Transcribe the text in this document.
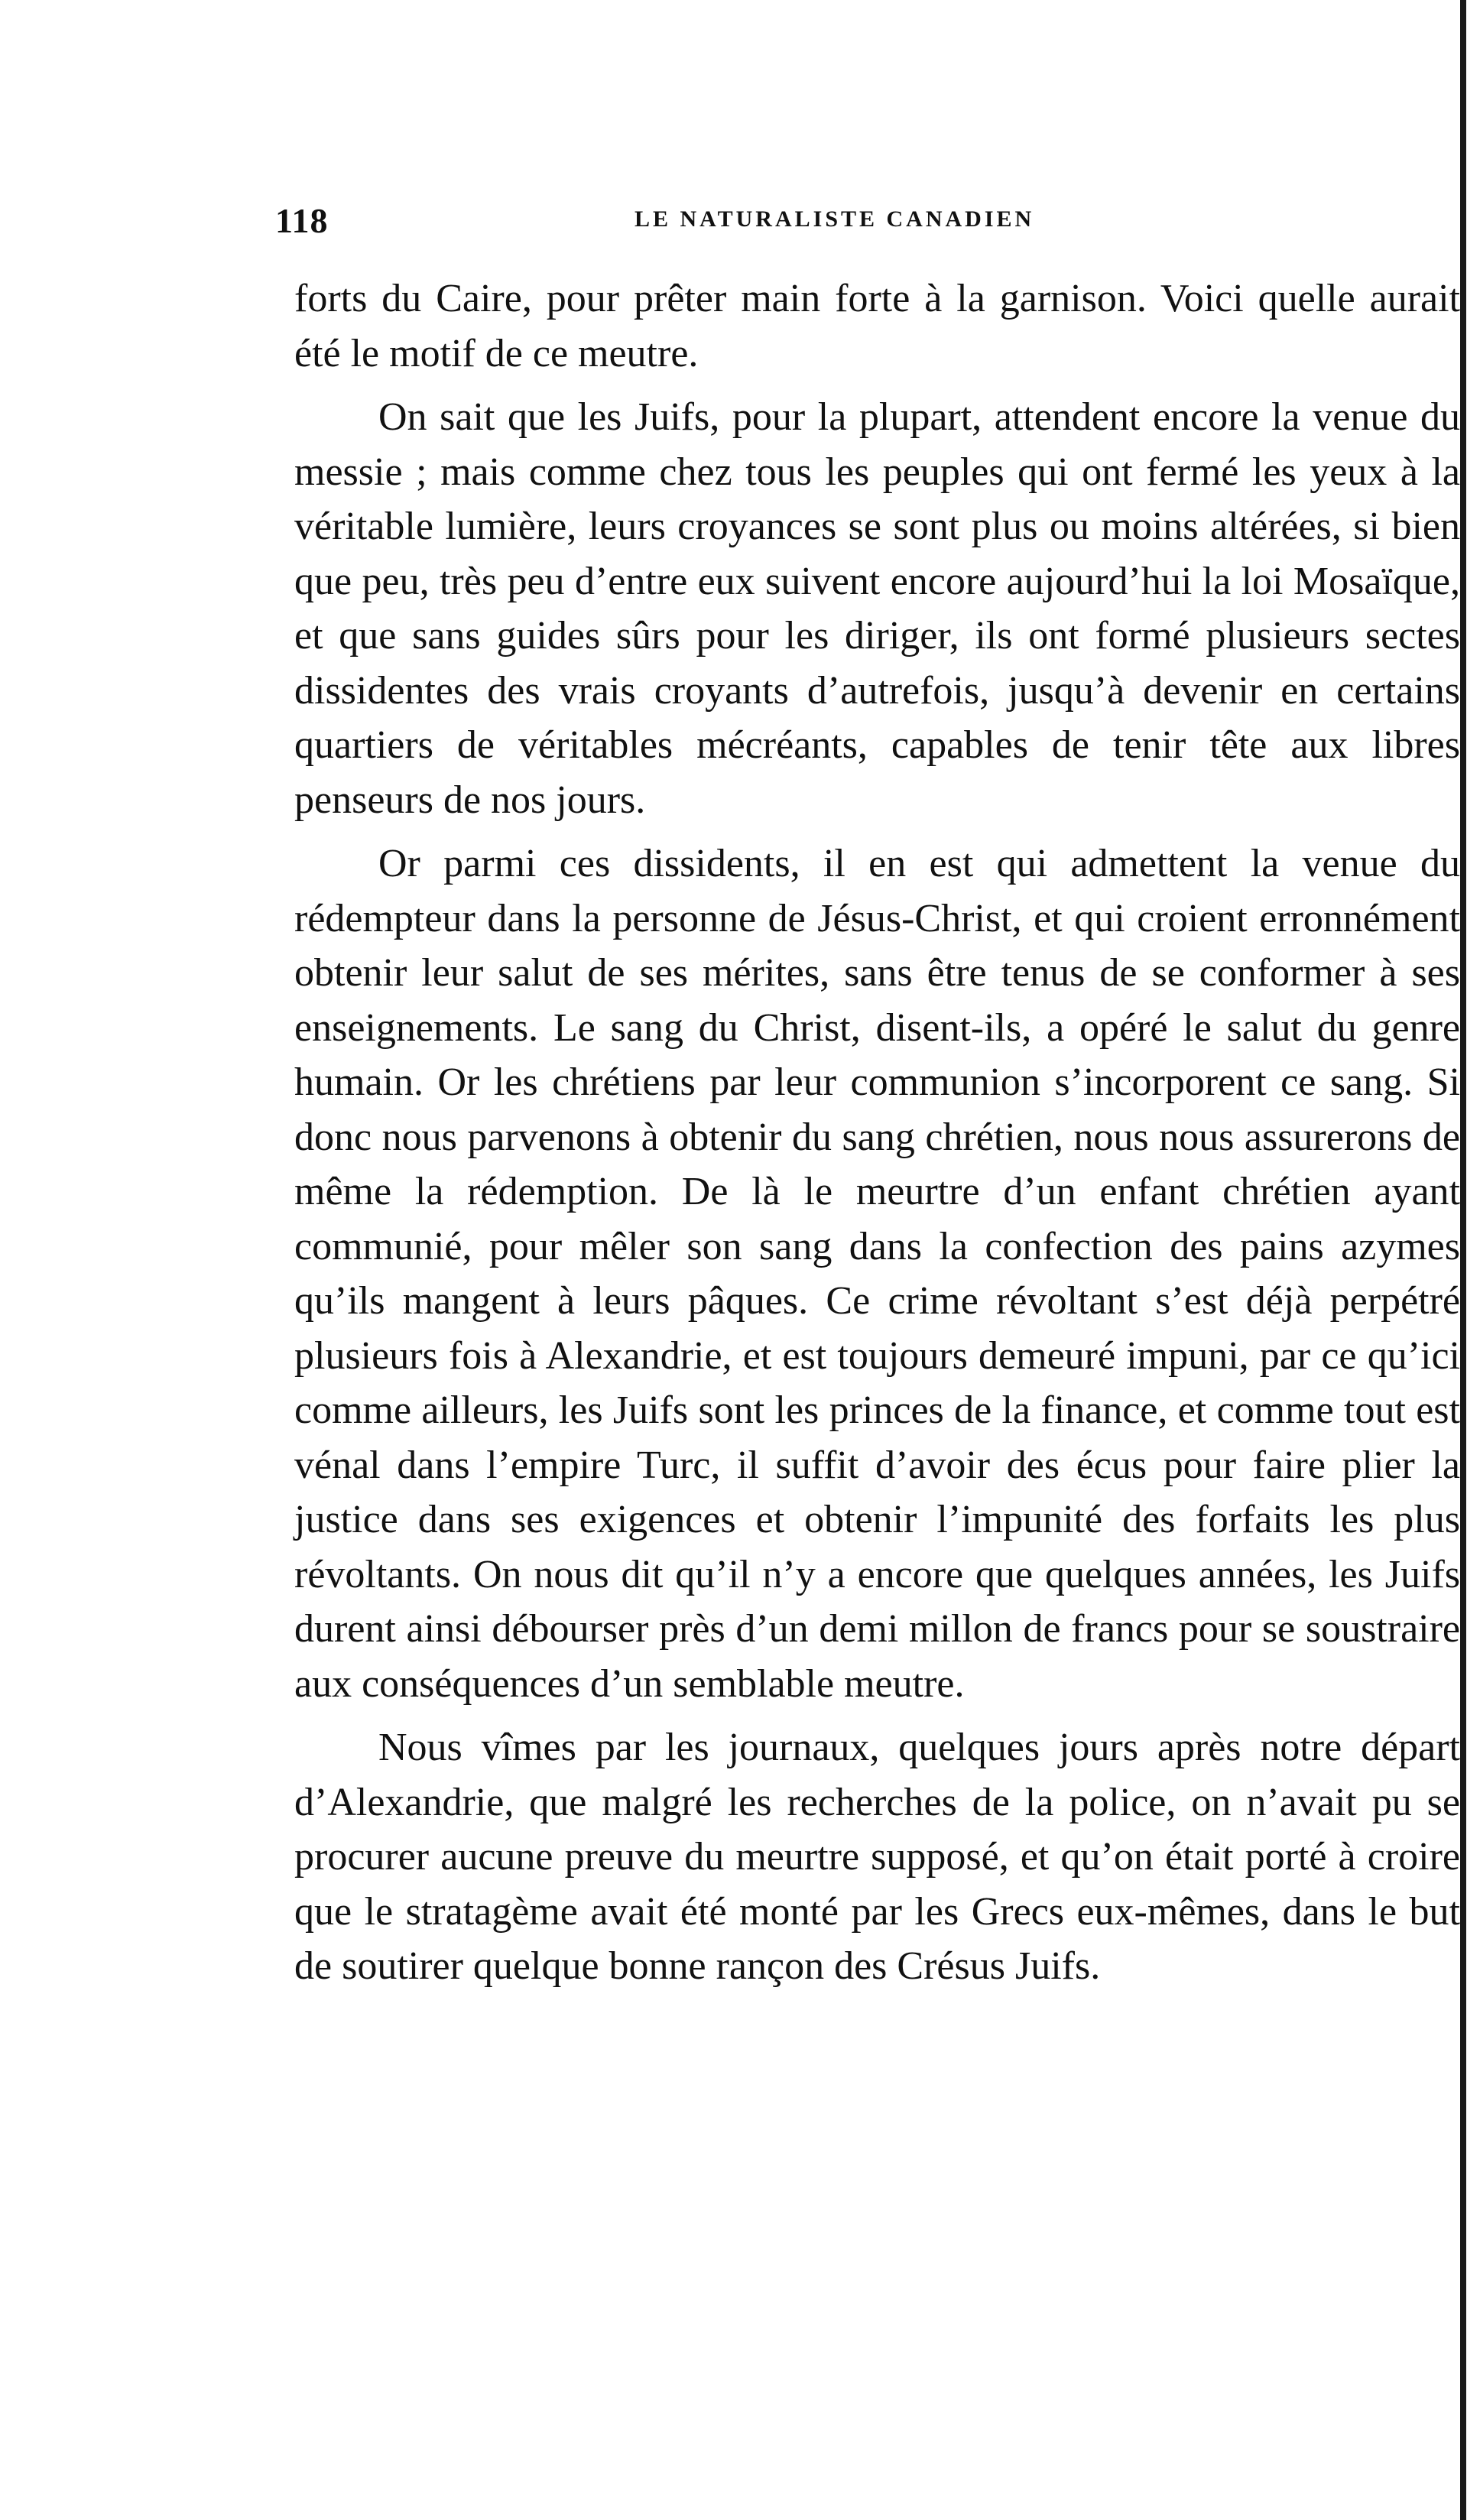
118	LE NATURALISTE CANADIEN

forts du Caire, pour prêter main forte à la garnison. Voici quelle aurait été le motif de ce meutre.

On sait que les Juifs, pour la plupart, attendent encore la venue du messie ; mais comme chez tous les peuples qui ont fermé les yeux à la véritable lumière, leurs croyances se sont plus ou moins altérées, si bien que peu, très peu d’entre eux suivent encore aujourd’hui la loi Mosaïque, et que sans guides sûrs pour les diriger, ils ont formé plusieurs sectes dissidentes des vrais croyants d’autrefois, jusqu’à devenir en certains quartiers de véritables mécréants, capables de tenir tête aux libres penseurs de nos jours.

Or parmi ces dissidents, il en est qui admettent la venue du rédempteur dans la personne de Jésus-Christ, et qui croient erronnément obtenir leur salut de ses mérites, sans être tenus de se conformer à ses enseignements. Le sang du Christ, disent-ils, a opéré le salut du genre humain. Or les chrétiens par leur communion s’incorporent ce sang. Si donc nous parvenons à obtenir du sang chrétien, nous nous assurerons de même la rédemption. De là le meurtre d’un enfant chrétien ayant communié, pour mêler son sang dans la confection des pains azymes qu’ils mangent à leurs pâques. Ce crime révoltant s’est déjà perpétré plusieurs fois à Alexandrie, et est toujours demeuré impuni, par ce qu’ici comme ailleurs, les Juifs sont les princes de la finance, et comme tout est vénal dans l’empire Turc, il suffit d’avoir des écus pour faire plier la justice dans ses exigences et obtenir l’impunité des forfaits les plus révoltants. On nous dit qu’il n’y a encore que quelques années, les Juifs durent ainsi débourser près d’un demi millon de francs pour se soustraire aux conséquences d’un semblable meutre.

Nous vîmes par les journaux, quelques jours après notre départ d’Alexandrie, que malgré les recherches de la police, on n’avait pu se procurer aucune preuve du meurtre supposé, et qu’on était porté à croire que le stratagème avait été monté par les Grecs eux-mêmes, dans le but de soutirer quelque bonne rançon des Crésus Juifs.
